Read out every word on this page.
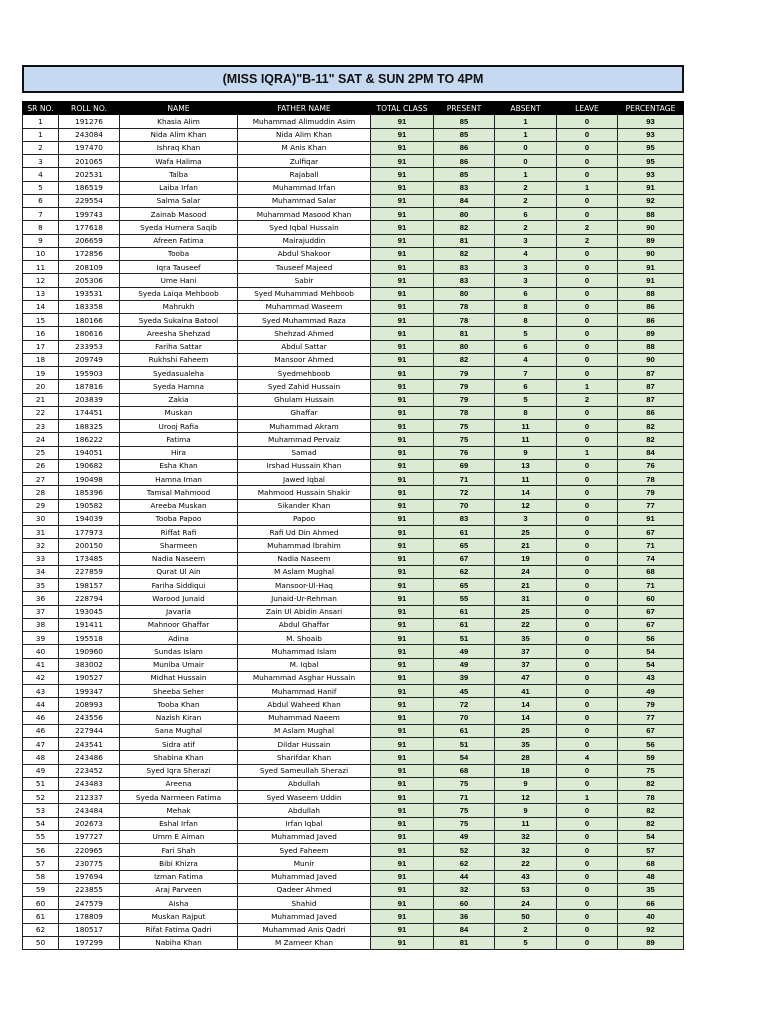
(MISS IQRA)"B-11" SAT & SUN 2PM TO 4PM
SR NO.	ROLL NO.	NAME	FATHER NAME	TOTAL CLASS	PRESENT	ABSENT	LEAVE	PERCENTAGE
1	191276	Khasia Alim	Muhammad Alimuddin Asim	91	85	1	0	93
1	243084	Nida Alim Khan	Nida Alim Khan	91	85	1	0	93
2	197470	Ishraq Khan	M Anis Khan	91	86	0	0	95
3	201065	Wafa Halima	Zulfiqar	91	86	0	0	95
4	202531	Talba	Rajaball	91	85	1	0	93
5	186519	Laiba Irfan	Muhammad Irfan	91	83	2	1	91
6	229554	Salma Salar	Muhammad Salar	91	84	2	0	92
7	199743	Zainab Masood	Muhammad Masood Khan	91	80	6	0	88
8	177618	Syeda Humera Saqib	Syed Iqbal Hussain	91	82	2	2	90
9	206659	Afreen Fatima	Mairajuddin	91	81	3	2	89
10	172856	Tooba	Abdul Shakoor	91	82	4	0	90
11	208109	Iqra Tauseef	Tauseef Majeed	91	83	3	0	91
12	205306	Ume Hani	Sabir	91	83	3	0	91
13	193531	Syeda Laiqa Mehboob	Syed Muhammad Mehboob	91	80	6	0	88
14	183358	Mahrukh	Muhammad Waseem	91	78	8	0	86
15	180166	Syeda Sukaina Batool	Syed Muhammad Raza	91	78	8	0	86
16	180616	Areesha Shehzad	Shehzad Ahmed	91	81	5	0	89
17	233953	Fariha Sattar	Abdul Sattar	91	80	6	0	88
18	209749	Rukhshi Faheem	Mansoor Ahmed	91	82	4	0	90
19	195903	Syedasualeha	Syedmehboob	91	79	7	0	87
20	187816	Syeda Hamna	Syed Zahid Hussain	91	79	6	1	87
21	203839	Zakia	Ghulam Hussain	91	79	5	2	87
22	174451	Muskan	Ghaffar	91	78	8	0	86
23	188325	Urooj Rafia	Muhammad Akram	91	75	11	0	82
24	186222	Fatima	Muhammad Pervaiz	91	75	11	0	82
25	194051	Hira	Samad	91	76	9	1	84
26	190682	Esha Khan	Irshad Hussain Khan	91	69	13	0	76
27	190498	Hamna Iman	Jawed Iqbal	91	71	11	0	78
28	185396	Tamsal Mahmood	Mahmood Hussain Shakir	91	72	14	0	79
29	190582	Areeba Muskan	Sikander Khan	91	70	12	0	77
30	194039	Tooba Papoo	Papoo	91	83	3	0	91
31	177973	Riffat Rafi	Rafi Ud Din Ahmed	91	61	25	0	67
32	200150	Sharmeen	Muhammad Ibrahim	91	65	21	0	71
33	173485	Nadia Naseem	Nadia Naseem	91	67	19	0	74
34	227859	Qurat Ul Ain	M Aslam Mughal	91	62	24	0	68
35	198157	Fariha Siddiqui	Mansoor-Ul-Haq	91	65	21	0	71
36	228794	Warood Junaid	Junaid-Ur-Rehman	91	55	31	0	60
37	193045	Javaria	Zain Ul Abidin Ansari	91	61	25	0	67
38	191411	Mahnoor Ghaffar	Abdul Ghaffar	91	61	22	0	67
39	195518	Adina	M. Shoaib	91	51	35	0	56
40	190960	Sundas Islam	Muhammad Islam	91	49	37	0	54
41	383002	Muniba Umair	M. Iqbal	91	49	37	0	54
42	190527	Midhat Hussain	Muhammad Asghar Hussain	91	39	47	0	43
43	199347	Sheeba Seher	Muhammad Hanif	91	45	41	0	49
44	208993	Tooba Khan	Abdul Waheed Khan	91	72	14	0	79
46	243556	Nazish Kiran	Muhammad Naeem	91	70	14	0	77
46	227944	Sana Mughal	M Aslam Mughal	91	61	25	0	67
47	243541	Sidra atif	Dildar Hussain	91	51	35	0	56
48	243486	Shabina Khan	Sharifdar Khan	91	54	28	4	59
49	223452	Syed Iqra Sherazi	Syed Sameullah Sherazi	91	68	18	0	75
51	243483	Areena	Abdullah	91	75	9	0	82
52	212337	Syeda Narmeen Fatima	Syed Waseem Uddin	91	71	12	1	78
53	243484	Mehak	Abdullah	91	75	9	0	82
54	202673	Eshal Irfan	Irfan Iqbal	91	75	11	0	82
55	197727	Umm E Aiman	Muhammad Javed	91	49	32	0	54
56	220965	Fari Shah	Syed Faheem	91	52	32	0	57
57	230775	Bibi Khizra	Munir	91	62	22	0	68
58	197694	Izman Fatima	Muhammad Javed	91	44	43	0	48
59	223855	Araj Parveen	Qadeer Ahmed	91	32	53	0	35
60	247579	Aisha	Shahid	91	60	24	0	66
61	178809	Muskan Rajput	Muhammad Javed	91	36	50	0	40
62	180517	Rifat Fatima Qadri	Muhammad Anis Qadri	91	84	2	0	92
50	197299	Nabiha Khan	M Zameer Khan	91	81	5	0	89
